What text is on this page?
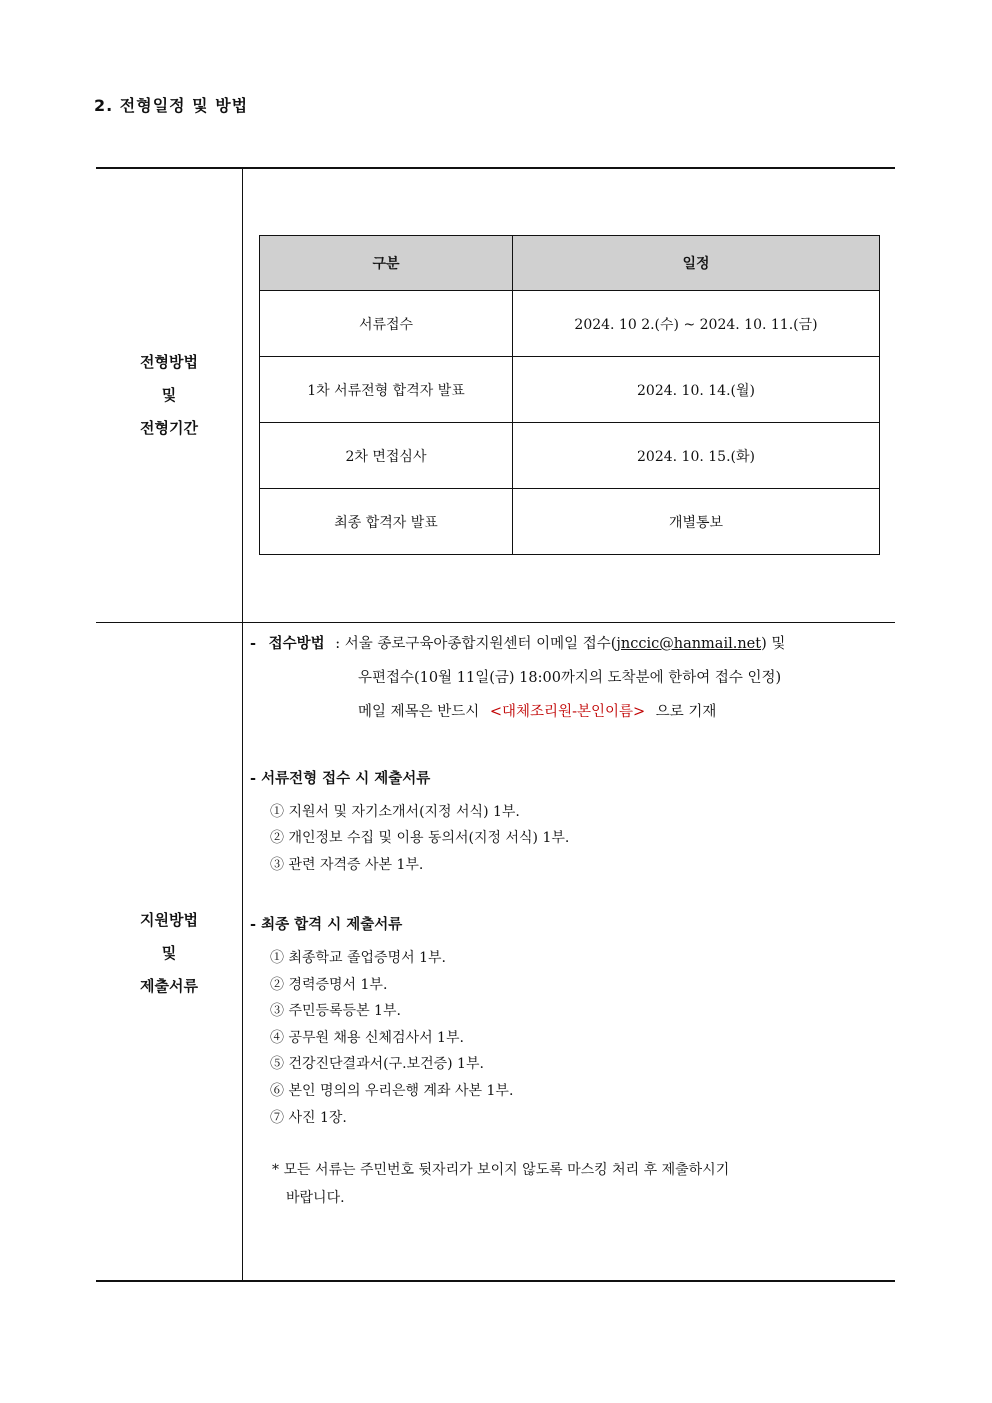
2. 전형일정 및 방법
전형방법
및
전형기간
구분	일정
서류접수	2024. 10 2.(수) ~ 2024. 10. 11.(금)
1차 서류전형 합격자 발표	2024. 10. 14.(월)
2차 면접심사	2024. 10. 15.(화)
최종 합격자 발표	개별통보
지원방법
및
제출서류
- 접수방법 : 서울 종로구육아종합지원센터 이메일 접수(jnccic@hanmail.net) 및
우편접수(10월 11일(금) 18:00까지의 도착분에 한하여 접수 인정)
메일 제목은 반드시 <대체조리원-본인이름> 으로 기재
- 서류전형 접수 시 제출서류
① 지원서 및 자기소개서(지정 서식) 1부.
② 개인정보 수집 및 이용 동의서(지정 서식) 1부.
③ 관련 자격증 사본 1부.
- 최종 합격 시 제출서류
① 최종학교 졸업증명서 1부.
② 경력증명서 1부.
③ 주민등록등본 1부.
④ 공무원 채용 신체검사서 1부.
⑤ 건강진단결과서(구.보건증) 1부.
⑥ 본인 명의의 우리은행 계좌 사본 1부.
⑦ 사진 1장.
* 모든 서류는 주민번호 뒷자리가 보이지 않도록 마스킹 처리 후 제출하시기
바랍니다.
